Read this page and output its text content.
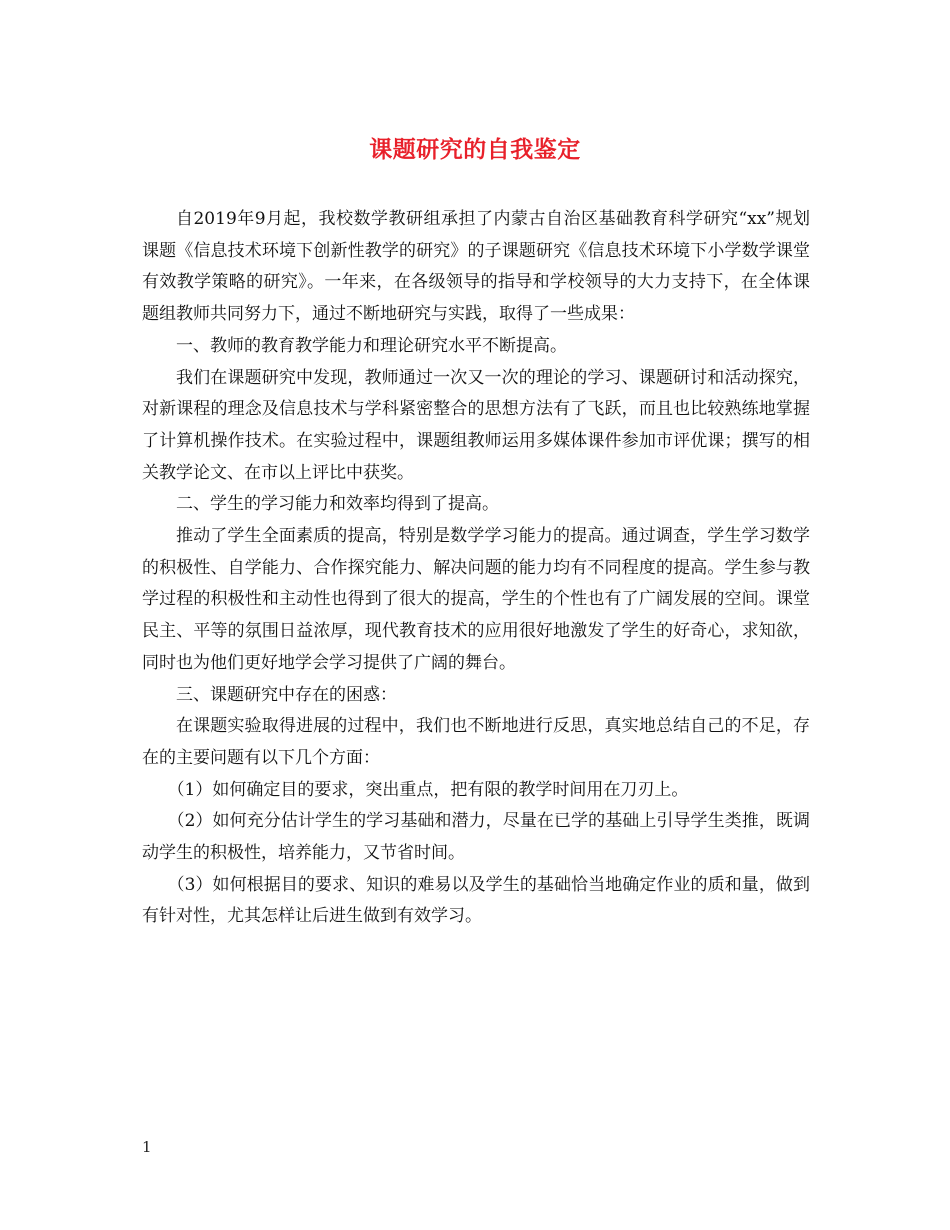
课题研究的自我鉴定

自2019年9月起，我校数学教研组承担了内蒙古自治区基础教育科学研究“xx”规划课题《信息技术环境下创新性教学的研究》的子课题研究《信息技术环境下小学数学课堂有效教学策略的研究》。一年来，在各级领导的指导和学校领导的大力支持下，在全体课题组教师共同努力下，通过不断地研究与实践，取得了一些成果：

一、教师的教育教学能力和理论研究水平不断提高。

我们在课题研究中发现，教师通过一次又一次的理论的学习、课题研讨和活动探究，对新课程的理念及信息技术与学科紧密整合的思想方法有了飞跃，而且也比较熟练地掌握了计算机操作技术。在实验过程中，课题组教师运用多媒体课件参加市评优课；撰写的相关教学论文、在市以上评比中获奖。

二、学生的学习能力和效率均得到了提高。

推动了学生全面素质的提高，特别是数学学习能力的提高。通过调查，学生学习数学的积极性、自学能力、合作探究能力、解决问题的能力均有不同程度的提高。学生参与教学过程的积极性和主动性也得到了很大的提高，学生的个性也有了广阔发展的空间。课堂民主、平等的氛围日益浓厚，现代教育技术的应用很好地激发了学生的好奇心，求知欲，同时也为他们更好地学会学习提供了广阔的舞台。

三、课题研究中存在的困惑：

在课题实验取得进展的过程中，我们也不断地进行反思，真实地总结自己的不足，存在的主要问题有以下几个方面：

（1）如何确定目的要求，突出重点，把有限的教学时间用在刀刃上。

（2）如何充分估计学生的学习基础和潜力，尽量在已学的基础上引导学生类推，既调动学生的积极性，培养能力，又节省时间。

（3）如何根据目的要求、知识的难易以及学生的基础恰当地确定作业的质和量，做到有针对性，尤其怎样让后进生做到有效学习。

1
